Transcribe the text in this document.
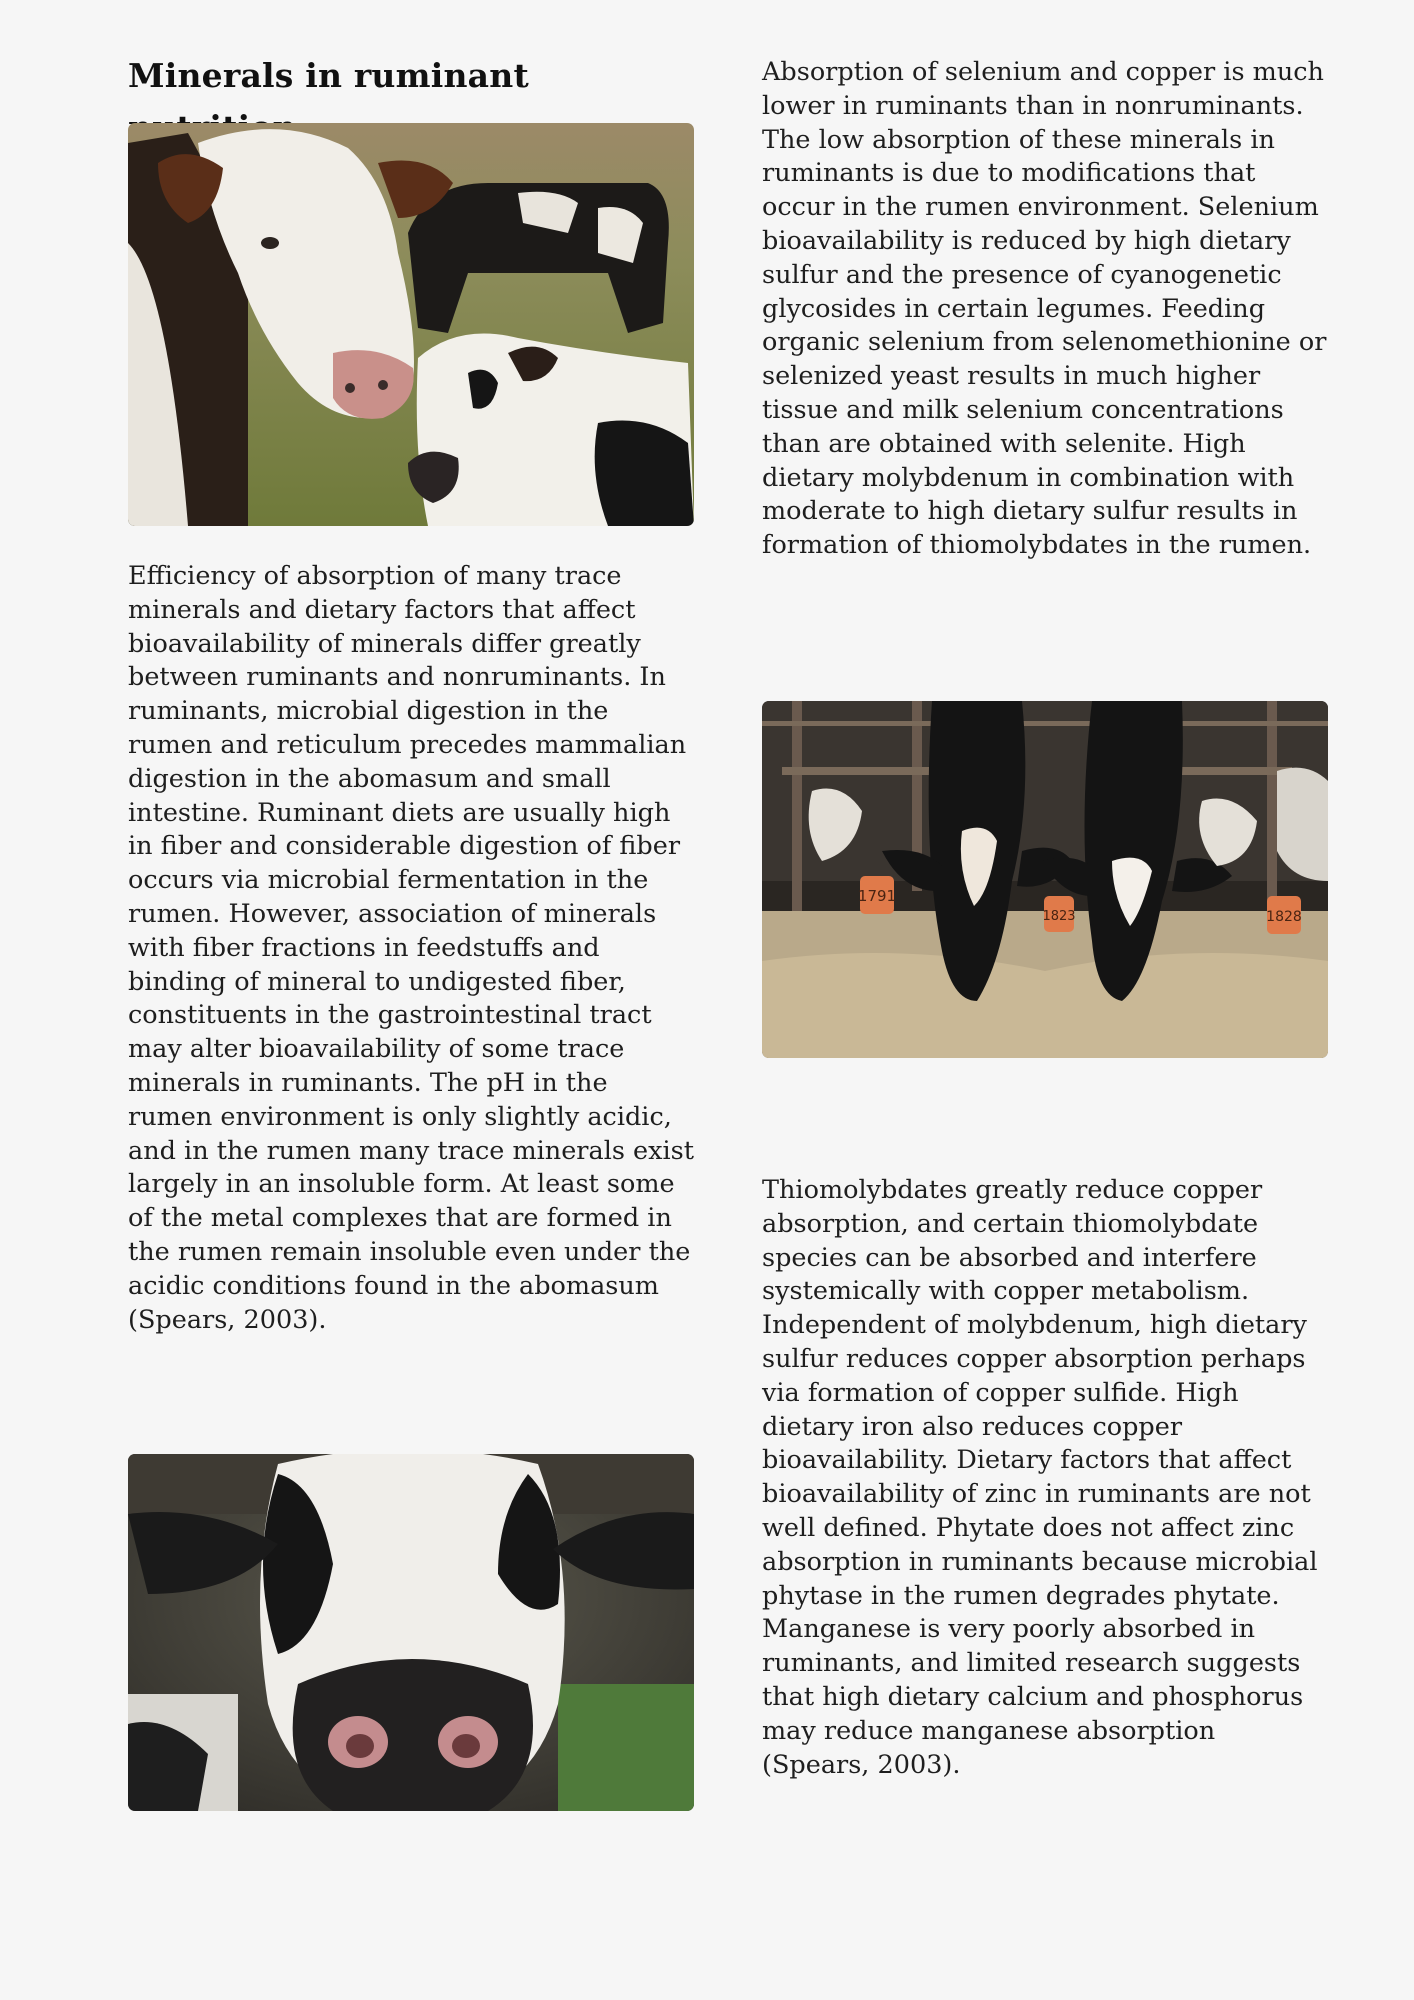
Minerals in ruminant

Efficiency of absorption of many trace minerals and dietary factors that affect bioavailability of minerals differ greatly between ruminants and nonruminants. In ruminants, microbial digestion in the rumen and reticulum precedes mammalian digestion in the abomasum and small intestine. Ruminant diets are usually high in fiber and considerable digestion of fiber occurs via microbial fermentation in the rumen. However, association of minerals with fiber fractions in feedstuffs and binding of mineral to undigested fiber, constituents in the gastrointestinal tract may alter bioavailability of some trace minerals in ruminants. The pH in the rumen environment is only slightly acidic, and in the rumen many trace minerals exist largely in an insoluble form. At least some of the metal complexes that are formed in the rumen remain insoluble even under the acidic conditions found in the abomasum (Spears, 2003).

Absorption of selenium and copper is much lower in ruminants than in nonruminants. The low absorption of these minerals in ruminants is due to modifications that occur in the rumen environment. Selenium bioavailability is reduced by high dietary sulfur and the presence of cyanogenetic glycosides in certain legumes. Feeding organic selenium from selenomethionine or selenized yeast results in much higher tissue and milk selenium concentrations than are obtained with selenite. High dietary molybdenum in combination with moderate to high dietary sulfur results in formation of thiomolybdates in the rumen.

1791
1823	1828

Thiomolybdates greatly reduce copper absorption, and certain thiomolybdate species can be absorbed and interfere systemically with copper metabolism. Independent of molybdenum, high dietary sulfur reduces copper absorption perhaps via formation of copper sulfide. High dietary iron also reduces copper bioavailability. Dietary factors that affect bioavailability of zinc in ruminants are not well defined. Phytate does not affect zinc absorption in ruminants because microbial phytase in the rumen degrades phytate. Manganese is very poorly absorbed in ruminants, and limited research suggests that high dietary calcium and phosphorus may reduce manganese absorption (Spears, 2003).
